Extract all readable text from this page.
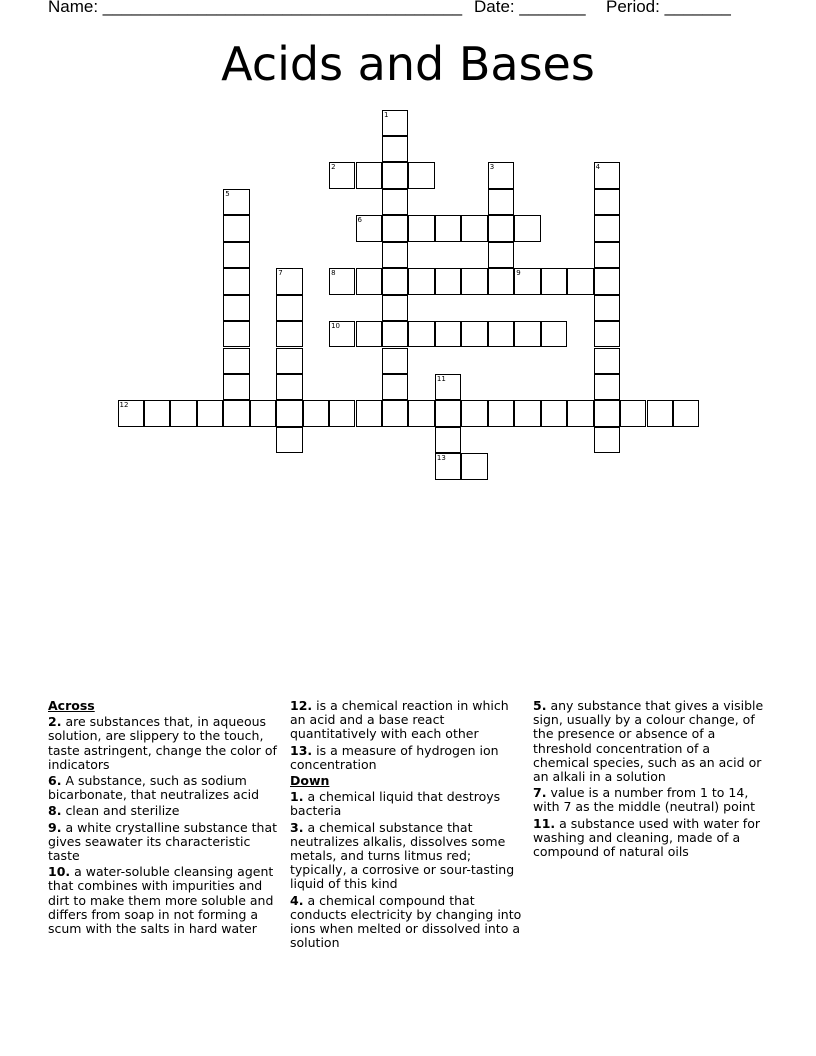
Name: ______________________________________ Date: _______ Period: _______
Acids and Bases
1
3	4
5
7
11
13
2
6
8	9
10
12
Across
2. are substances that, in aqueous solution, are slippery to the touch, taste astringent, change the color of indicators
6. A substance, such as sodium bicarbonate, that neutralizes acid
8. clean and sterilize
9. a white crystalline substance that gives seawater its characteristic taste
10. a water-soluble cleansing agent that combines with impurities and dirt to make them more soluble and differs from soap in not forming a scum with the salts in hard water
12. is a chemical reaction in which an acid and a base react quantitatively with each other
13. is a measure of hydrogen ion concentration
Down
1. a chemical liquid that destroys bacteria
3. a chemical substance that neutralizes alkalis, dissolves some metals, and turns litmus red; typically, a corrosive or sour-tasting liquid of this kind
4. a chemical compound that conducts electricity by changing into ions when melted or dissolved into a solution
5. any substance that gives a visible sign, usually by a colour change, of the presence or absence of a threshold concentration of a chemical species, such as an acid or an alkali in a solution
7. value is a number from 1 to 14, with 7 as the middle (neutral) point
11. a substance used with water for washing and cleaning, made of a compound of natural oils
